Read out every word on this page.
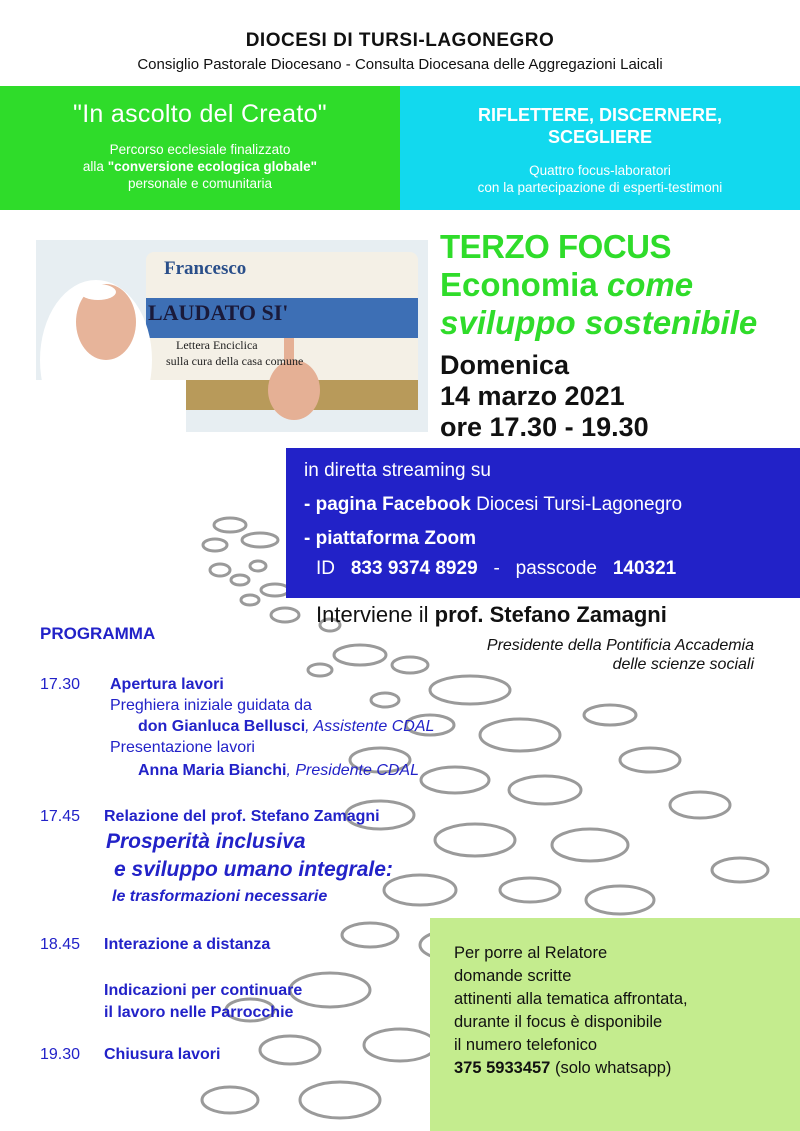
DIOCESI DI TURSI-LAGONEGRO
Consiglio Pastorale Diocesano - Consulta Diocesana delle Aggregazioni Laicali
"In ascolto del Creato"
Percorso ecclesiale finalizzato
alla "conversione ecologica globale"
personale e comunitaria
RIFLETTERE, DISCERNERE,
SCEGLIERE
Quattro focus-laboratori
con la partecipazione di esperti-testimoni
Francesco
LAUDATO SI'
Lettera Enciclica
sulla cura della casa comune
TERZO FOCUS
Economia come
sviluppo sostenibile
Domenica
14 marzo 2021
ore 17.30 - 19.30
in diretta streaming su
- pagina Facebook Diocesi Tursi-Lagonegro
- piattaforma Zoom
ID 833 9374 8929 - passcode 140321
Interviene il prof. Stefano Zamagni
Presidente della Pontificia Accademia
delle scienze sociali
PROGRAMMA
17.30 Apertura lavori
Preghiera iniziale guidata da
don Gianluca Bellusci, Assistente CDAL
Presentazione lavori
Anna Maria Bianchi, Presidente CDAL
17.45 Relazione del prof. Stefano Zamagni
Prosperità inclusiva
e sviluppo umano integrale:
le trasformazioni necessarie
18.45 Interazione a distanza
Indicazioni per continuare
il lavoro nelle Parrocchie
19.30 Chiusura lavori
Per porre al Relatore
domande scritte
attinenti alla tematica affrontata,
durante il focus è disponibile
il numero telefonico
375 5933457 (solo whatsapp)
